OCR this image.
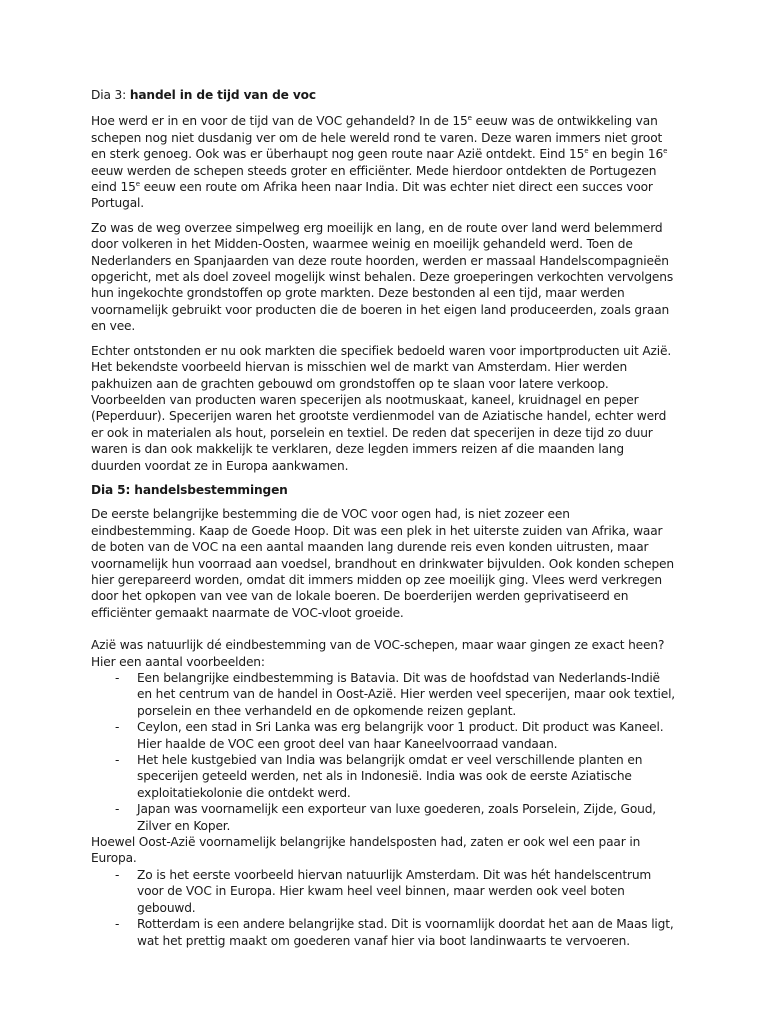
Dia 3: handel in de tijd van de voc

Hoe werd er in en voor de tijd van de VOC gehandeld? In de 15e eeuw was de ontwikkeling van schepen nog niet dusdanig ver om de hele wereld rond te varen. Deze waren immers niet groot en sterk genoeg. Ook was er überhaupt nog geen route naar Azië ontdekt. Eind 15e en begin 16e eeuw werden de schepen steeds groter en efficiënter. Mede hierdoor ontdekten de Portugezen eind 15e eeuw een route om Afrika heen naar India. Dit was echter niet direct een succes voor Portugal.

Zo was de weg overzee simpelweg erg moeilijk en lang, en de route over land werd belemmerd door volkeren in het Midden-Oosten, waarmee weinig en moeilijk gehandeld werd. Toen de Nederlanders en Spanjaarden van deze route hoorden, werden er massaal Handelscompagnieën opgericht, met als doel zoveel mogelijk winst behalen. Deze groeperingen verkochten vervolgens hun ingekochte grondstoffen op grote markten. Deze bestonden al een tijd, maar werden voornamelijk gebruikt voor producten die de boeren in het eigen land produceerden, zoals graan en vee.

Echter ontstonden er nu ook markten die specifiek bedoeld waren voor importproducten uit Azië. Het bekendste voorbeeld hiervan is misschien wel de markt van Amsterdam. Hier werden pakhuizen aan de grachten gebouwd om grondstoffen op te slaan voor latere verkoop. Voorbeelden van producten waren specerijen als nootmuskaat, kaneel, kruidnagel en peper (Peperduur). Specerijen waren het grootste verdienmodel van de Aziatische handel, echter werd er ook in materialen als hout, porselein en textiel. De reden dat specerijen in deze tijd zo duur waren is dan ook makkelijk te verklaren, deze legden immers reizen af die maanden lang duurden voordat ze in Europa aankwamen.

Dia 5: handelsbestemmingen

De eerste belangrijke bestemming die de VOC voor ogen had, is niet zozeer een eindbestemming. Kaap de Goede Hoop. Dit was een plek in het uiterste zuiden van Afrika, waar de boten van de VOC na een aantal maanden lang durende reis even konden uitrusten, maar voornamelijk hun voorraad aan voedsel, brandhout en drinkwater bijvulden. Ook konden schepen hier gerepareerd worden, omdat dit immers midden op zee moeilijk ging. Vlees werd verkregen door het opkopen van vee van de lokale boeren. De boerderijen werden geprivatiseerd en efficiënter gemaakt naarmate de VOC-vloot groeide.

Azië was natuurlijk dé eindbestemming van de VOC-schepen, maar waar gingen ze exact heen? Hier een aantal voorbeelden:

- Een belangrijke eindbestemming is Batavia. Dit was de hoofdstad van Nederlands-Indië en het centrum van de handel in Oost-Azië. Hier werden veel specerijen, maar ook textiel, porselein en thee verhandeld en de opkomende reizen geplant.
- Ceylon, een stad in Sri Lanka was erg belangrijk voor 1 product. Dit product was Kaneel. Hier haalde de VOC een groot deel van haar Kaneelvoorraad vandaan.
- Het hele kustgebied van India was belangrijk omdat er veel verschillende planten en specerijen geteeld werden, net als in Indonesië. India was ook de eerste Aziatische exploitatiekolonie die ontdekt werd.
- Japan was voornamelijk een exporteur van luxe goederen, zoals Porselein, Zijde, Goud, Zilver en Koper.

Hoewel Oost-Azië voornamelijk belangrijke handelsposten had, zaten er ook wel een paar in Europa.

- Zo is het eerste voorbeeld hiervan natuurlijk Amsterdam. Dit was hét handelscentrum voor de VOC in Europa. Hier kwam heel veel binnen, maar werden ook veel boten gebouwd.
- Rotterdam is een andere belangrijke stad. Dit is voornamlijk doordat het aan de Maas ligt, wat het prettig maakt om goederen vanaf hier via boot landinwaarts te vervoeren.
